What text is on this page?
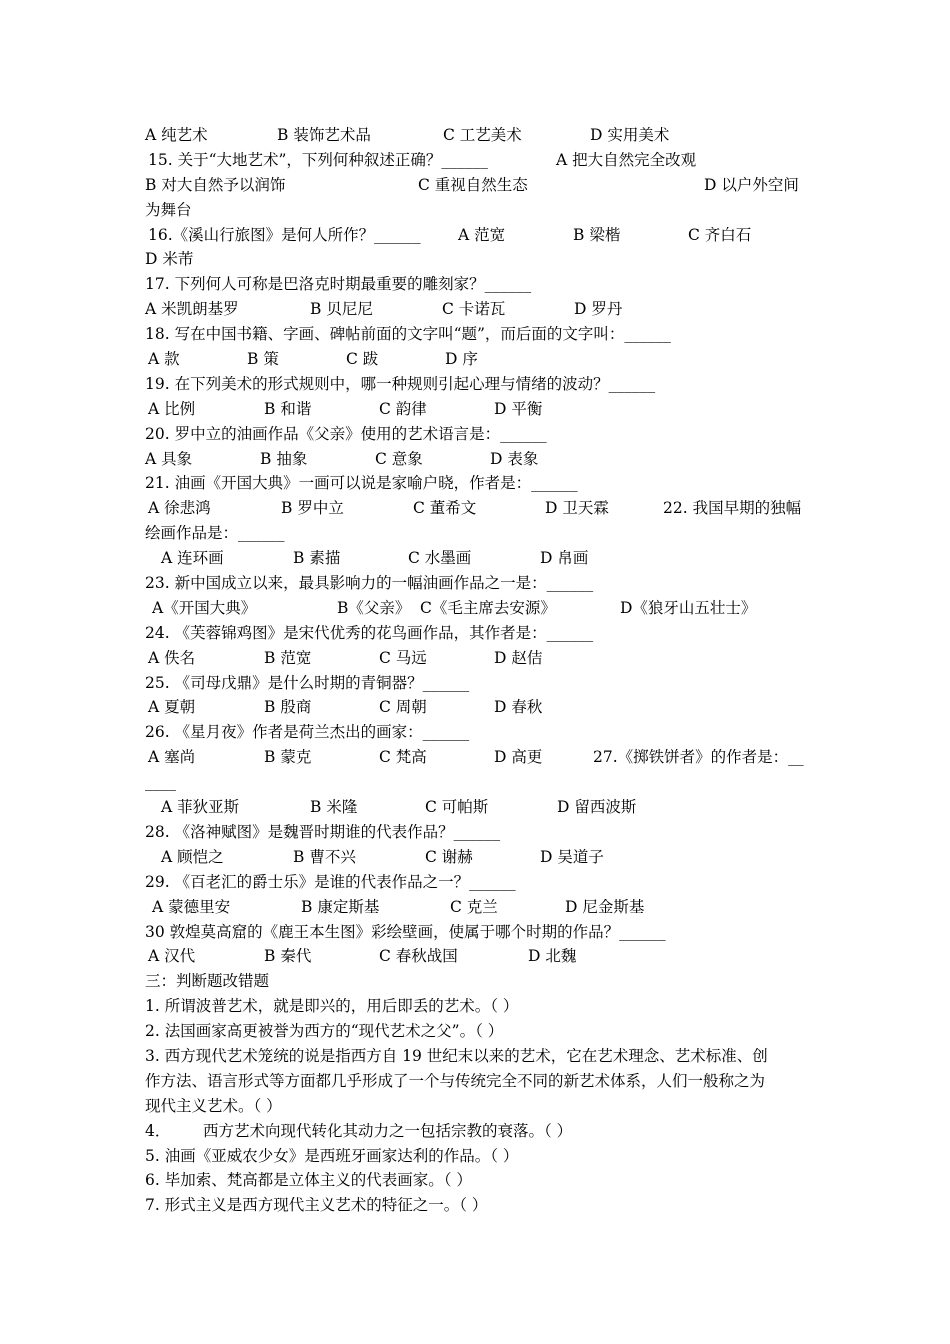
A 纯艺术	B 装饰艺术品	C 工艺美术	D 实用美术
15. 关于“大地艺术”，下列何种叙述正确？______	A 把大自然完全改观
B 对大自然予以润饰	C 重视自然生态	D 以户外空间
为舞台
16.《溪山行旅图》是何人所作？______ A 范宽	B 梁楷	C 齐白石
D 米芾
17. 下列何人可称是巴洛克时期最重要的雕刻家？______
A 米凯朗基罗	B 贝尼尼	C 卡诺瓦	D 罗丹
18. 写在中国书籍、字画、碑帖前面的文字叫“题”，而后面的文字叫：______
A 款	B 策	C 跋	D 序
19. 在下列美术的形式规则中，哪一种规则引起心理与情绪的波动？______
A 比例	B 和谐	C 韵律	D 平衡
20. 罗中立的油画作品《父亲》使用的艺术语言是：______
A 具象	B 抽象	C 意象	D 表象
21. 油画《开国大典》一画可以说是家喻户晓，作者是：______
A 徐悲鸿	B 罗中立	C 董希文	D 卫天霖	22. 我国早期的独幅
绘画作品是：______
A 连环画	B 素描	C 水墨画	D 帛画
23. 新中国成立以来，最具影响力的一幅油画作品之一是：______
A《开国大典》	B《父亲》 C《毛主席去安源》	D《狼牙山五壮士》
24. 《芙蓉锦鸡图》是宋代优秀的花鸟画作品，其作者是：______
A 佚名	B 范宽	C 马远	D 赵佶
25. 《司母戊鼎》是什么时期的青铜器？______
A 夏朝	B 殷商	C 周朝	D 春秋
26. 《星月夜》作者是荷兰杰出的画家：______
A 塞尚	B 蒙克	C 梵高	D 高更	27.《掷铁饼者》的作者是：__
____
A 菲狄亚斯	B 米隆	C 可帕斯	D 留西波斯
28. 《洛神赋图》是魏晋时期谁的代表作品？______
A 顾恺之	B 曹不兴	C 谢赫	D 吴道子
29. 《百老汇的爵士乐》是谁的代表作品之一？______
A 蒙德里安	B 康定斯基	C 克兰	D 尼金斯基
30 敦煌莫高窟的《鹿王本生图》彩绘壁画，使属于哪个时期的作品？______
A 汉代	B 秦代	C 春秋战国	D 北魏
三：判断题改错题
1. 所谓波普艺术，就是即兴的，用后即丢的艺术。（ ）
2. 法国画家高更被誉为西方的“现代艺术之父”。（ ）
3. 西方现代艺术笼统的说是指西方自 19 世纪末以来的艺术，它在艺术理念、艺术标准、创
作方法、语言形式等方面都几乎形成了一个与传统完全不同的新艺术体系，人们一般称之为
现代主义艺术。（ ）
4． 西方艺术向现代转化其动力之一包括宗教的衰落。（ ）
5. 油画《亚威农少女》是西班牙画家达利的作品。（ ）
6. 毕加索、梵高都是立体主义的代表画家。（ ）
7. 形式主义是西方现代主义艺术的特征之一。（ ）
